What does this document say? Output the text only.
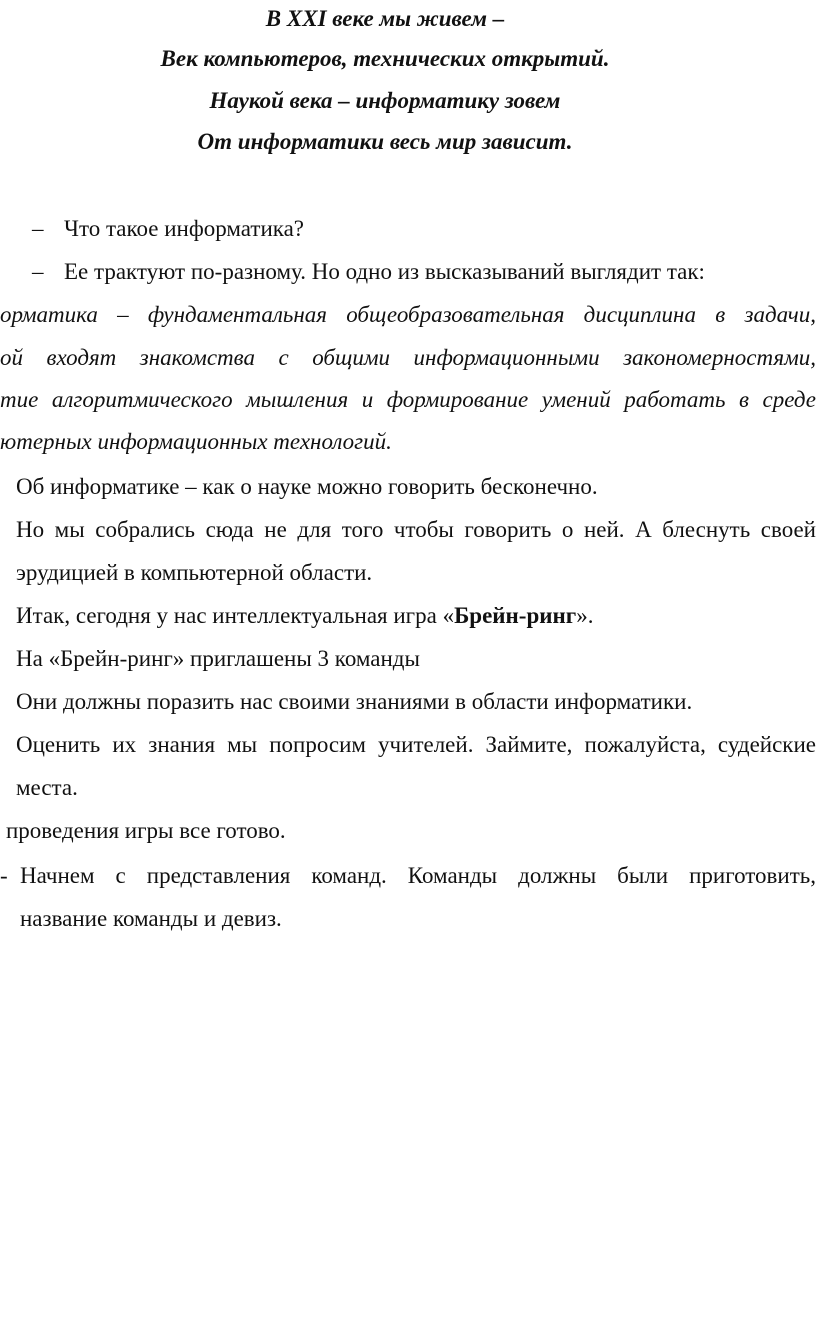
В XXI веке мы живем –
Век компьютеров, технических открытий.
Наукой века – информатику зовем
От информатики весь мир зависит.
– Что такое информатика?
– Ее трактуют по-разному. Но одно из высказываний выглядит так:
орматика – фундаментальная общеобразовательная дисциплина в задачи,
ой входят знакомства с общими информационными закономерностями,
тие алгоритмического мышления и формирование умений работать в среде
ютерных информационных технологий.
Об информатике – как о науке можно говорить бесконечно.
Но мы собрались сюда не для того чтобы говорить о ней. А блеснуть своей
эрудицией в компьютерной области.
Итак, сегодня у нас интеллектуальная игра «Брейн-ринг».
На «Брейн-ринг» приглашены 3 команды
Они должны поразить нас своими знаниями в области информатики.
Оценить их знания мы попросим учителей. Займите, пожалуйста, судейские
места.
проведения игры все готово.
- Начнем с представления команд. Команды должны были приготовить,
название команды и девиз.
